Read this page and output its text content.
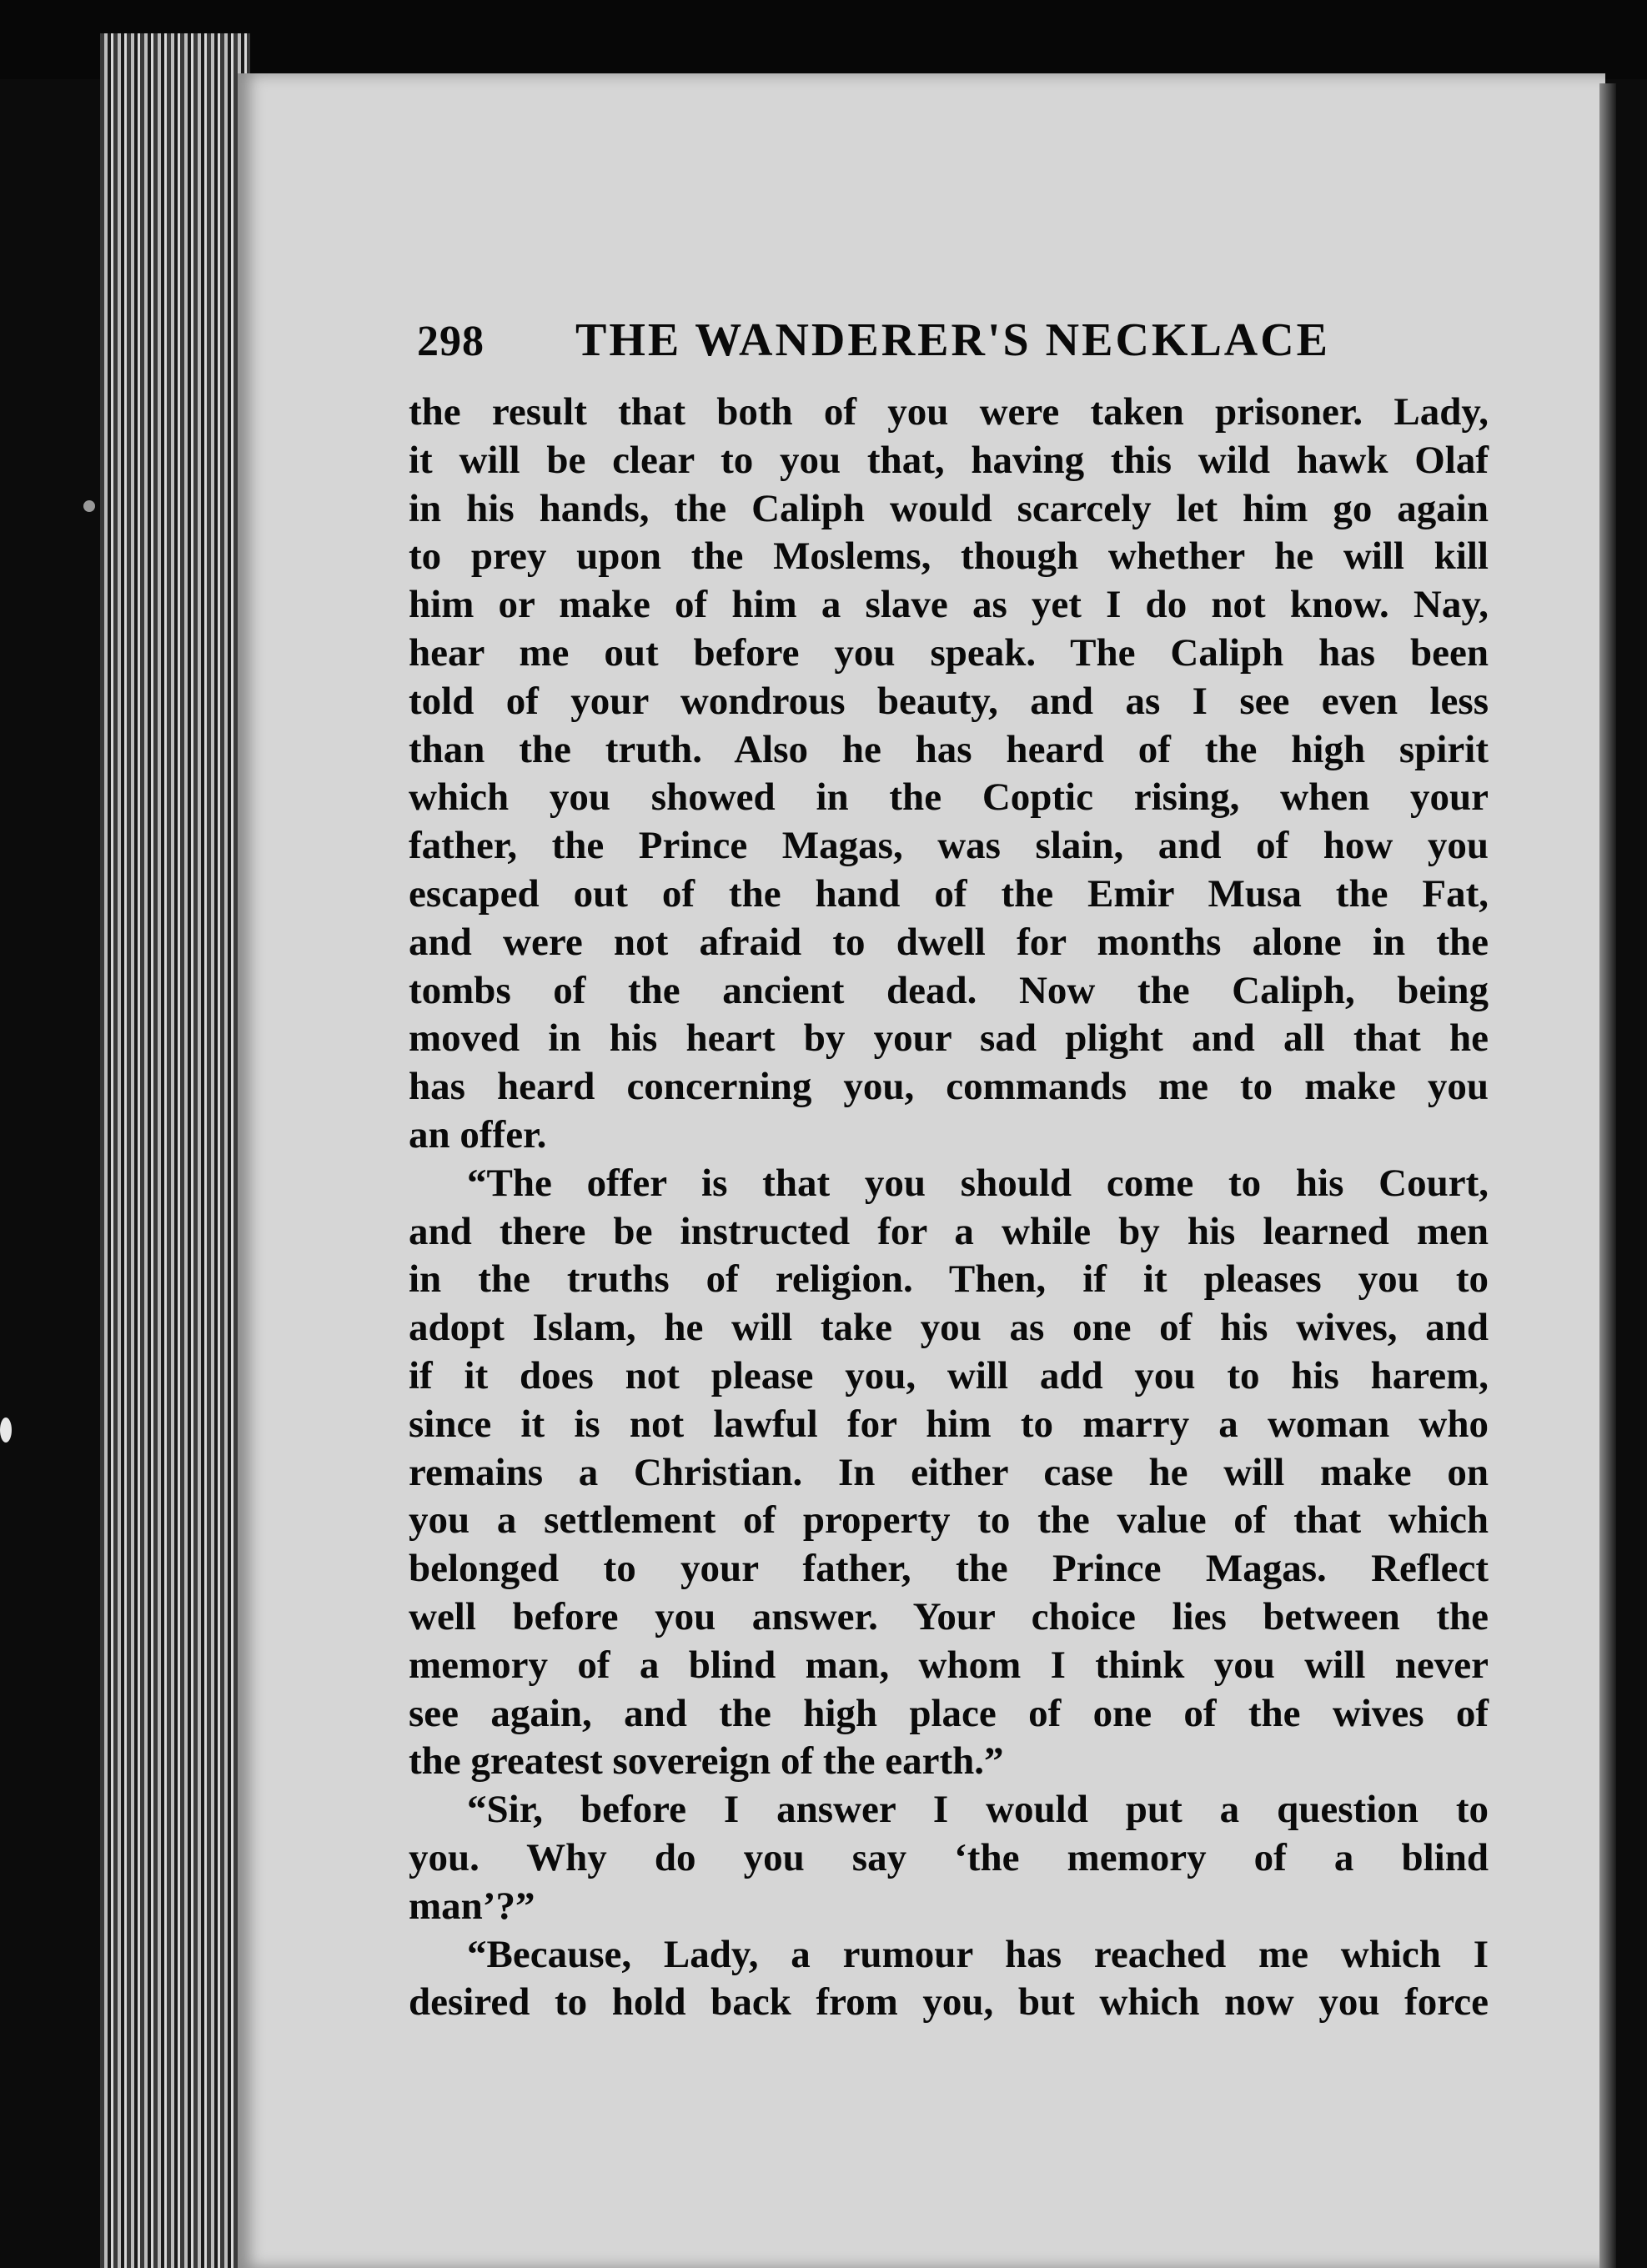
298 THE WANDERER'S NECKLACE
the result that both of you were taken prisoner. Lady,
it will be clear to you that, having this wild hawk Olaf
in his hands, the Caliph would scarcely let him go again
to prey upon the Moslems, though whether he will kill
him or make of him a slave as yet I do not know. Nay,
hear me out before you speak. The Caliph has been
told of your wondrous beauty, and as I see even less
than the truth. Also he has heard of the high spirit
which you showed in the Coptic rising, when your
father, the Prince Magas, was slain, and of how you
escaped out of the hand of the Emir Musa the Fat,
and were not afraid to dwell for months alone in the
tombs of the ancient dead. Now the Caliph, being
moved in his heart by your sad plight and all that he
has heard concerning you, commands me to make you
an offer.
“The offer is that you should come to his Court,
and there be instructed for a while by his learned men
in the truths of religion. Then, if it pleases you to
adopt Islam, he will take you as one of his wives, and
if it does not please you, will add you to his harem,
since it is not lawful for him to marry a woman who
remains a Christian. In either case he will make on
you a settlement of property to the value of that which
belonged to your father, the Prince Magas. Reflect
well before you answer. Your choice lies between the
memory of a blind man, whom I think you will never
see again, and the high place of one of the wives of
the greatest sovereign of the earth.”
“Sir, before I answer I would put a question to
you. Why do you say ‘the memory of a blind
man’?”
“Because, Lady, a rumour has reached me which I
desired to hold back from you, but which now you force
